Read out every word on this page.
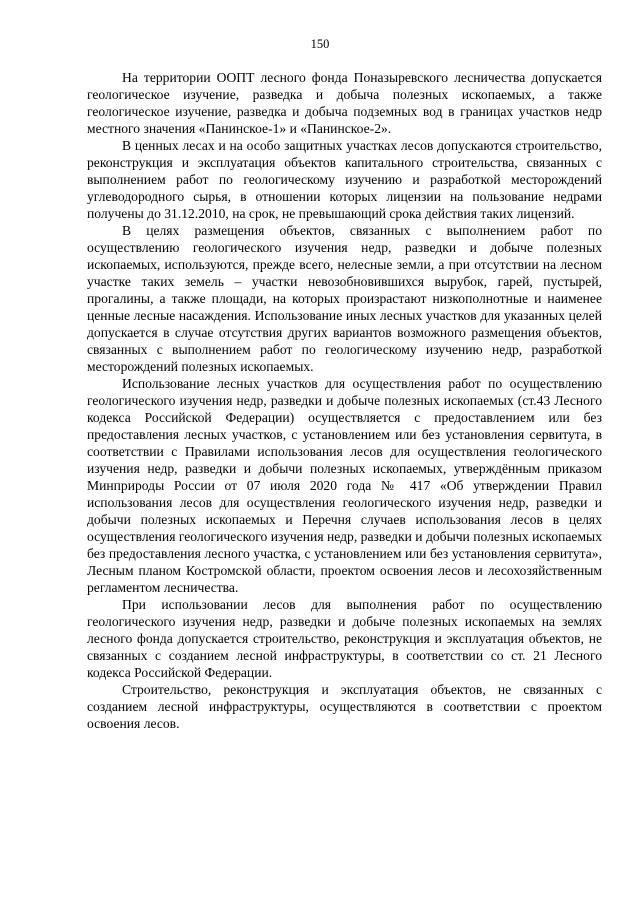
150

На территории ООПТ лесного фонда Поназыревского лесничества допускается геологическое изучение, разведка и добыча полезных ископаемых, а также геологическое изучение, разведка и добыча подземных вод в границах участков недр местного значения «Панинское-1» и «Панинское-2».

В ценных лесах и на особо защитных участках лесов допускаются строительство, реконструкция и эксплуатация объектов капитального строительства, связанных с выполнением работ по геологическому изучению и разработкой месторождений углеводородного сырья, в отношении которых лицензии на пользование недрами получены до 31.12.2010, на срок, не превышающий срока действия таких лицензий.

В целях размещения объектов, связанных с выполнением работ по осуществлению геологического изучения недр, разведки и добыче полезных ископаемых, используются, прежде всего, нелесные земли, а при отсутствии на лесном участке таких земель – участки невозобновившихся вырубок, гарей, пустырей, прогалины, а также площади, на которых произрастают низкополнотные и наименее ценные лесные насаждения. Использование иных лесных участков для указанных целей допускается в случае отсутствия других вариантов возможного размещения объектов, связанных с выполнением работ по геологическому изучению недр, разработкой месторождений полезных ископаемых.

Использование лесных участков для осуществления работ по осуществлению геологического изучения недр, разведки и добыче полезных ископаемых (ст.43 Лесного кодекса Российской Федерации) осуществляется с предоставлением или без предоставления лесных участков, с установлением или без установления сервитута, в соответствии с Правилами использования лесов для осуществления геологического изучения недр, разведки и добычи полезных ископаемых, утверждённым приказом Минприроды России от 07 июля 2020 года № 417 «Об утверждении Правил использования лесов для осуществления геологического изучения недр, разведки и добычи полезных ископаемых и Перечня случаев использования лесов в целях осуществления геологического изучения недр, разведки и добычи полезных ископаемых без предоставления лесного участка, с установлением или без установления сервитута», Лесным планом Костромской области, проектом освоения лесов и лесохозяйственным регламентом лесничества.

При использовании лесов для выполнения работ по осуществлению геологического изучения недр, разведки и добыче полезных ископаемых на землях лесного фонда допускается строительство, реконструкция и эксплуатация объектов, не связанных с созданием лесной инфраструктуры, в соответствии со ст. 21 Лесного кодекса Российской Федерации.

Строительство, реконструкция и эксплуатация объектов, не связанных с созданием лесной инфраструктуры, осуществляются в соответствии с проектом освоения лесов.
